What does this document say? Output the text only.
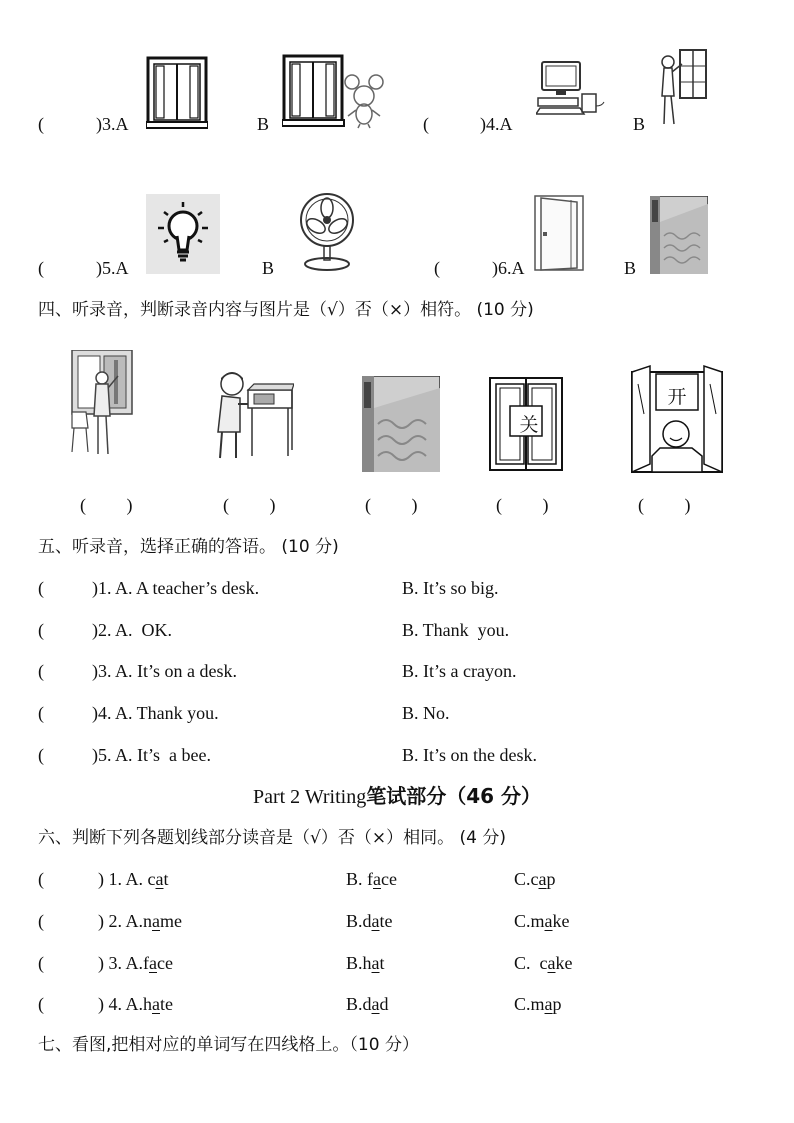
(	)3.A	B	(	)4.A	B
(	)5.A	B	(	)6.A	B
四、听录音，判断录音内容与图片是（√）否（×）相符。 (10 分)
关
开
(         )	(         )	(         )	(         )	(         )
五、听录音，选择正确的答语。 (10 分)
(	)1. A. A teacher’s desk.	B. It’s so big.
(	)2. A.  OK.	B. Thank  you.
(	)3. A. It’s on a desk.	B. It’s a crayon.
(	)4. A. Thank you.	B. No.
(	)5. A. It’s  a bee.	B. It’s on the desk.
Part 2 Writing笔试部分（46 分）
六、判断下列各题划线部分读音是（√）否（×）相同。 (4 分)
(	) 1. A. cat	B. face	C.cap
(	) 2. A.name	B.date	C.make
(	) 3. A.face	B.hat	C.  cake
(	) 4. A.hate	B.dad	C.map
七、看图,把相对应的单词写在四线格上。（10 分）
